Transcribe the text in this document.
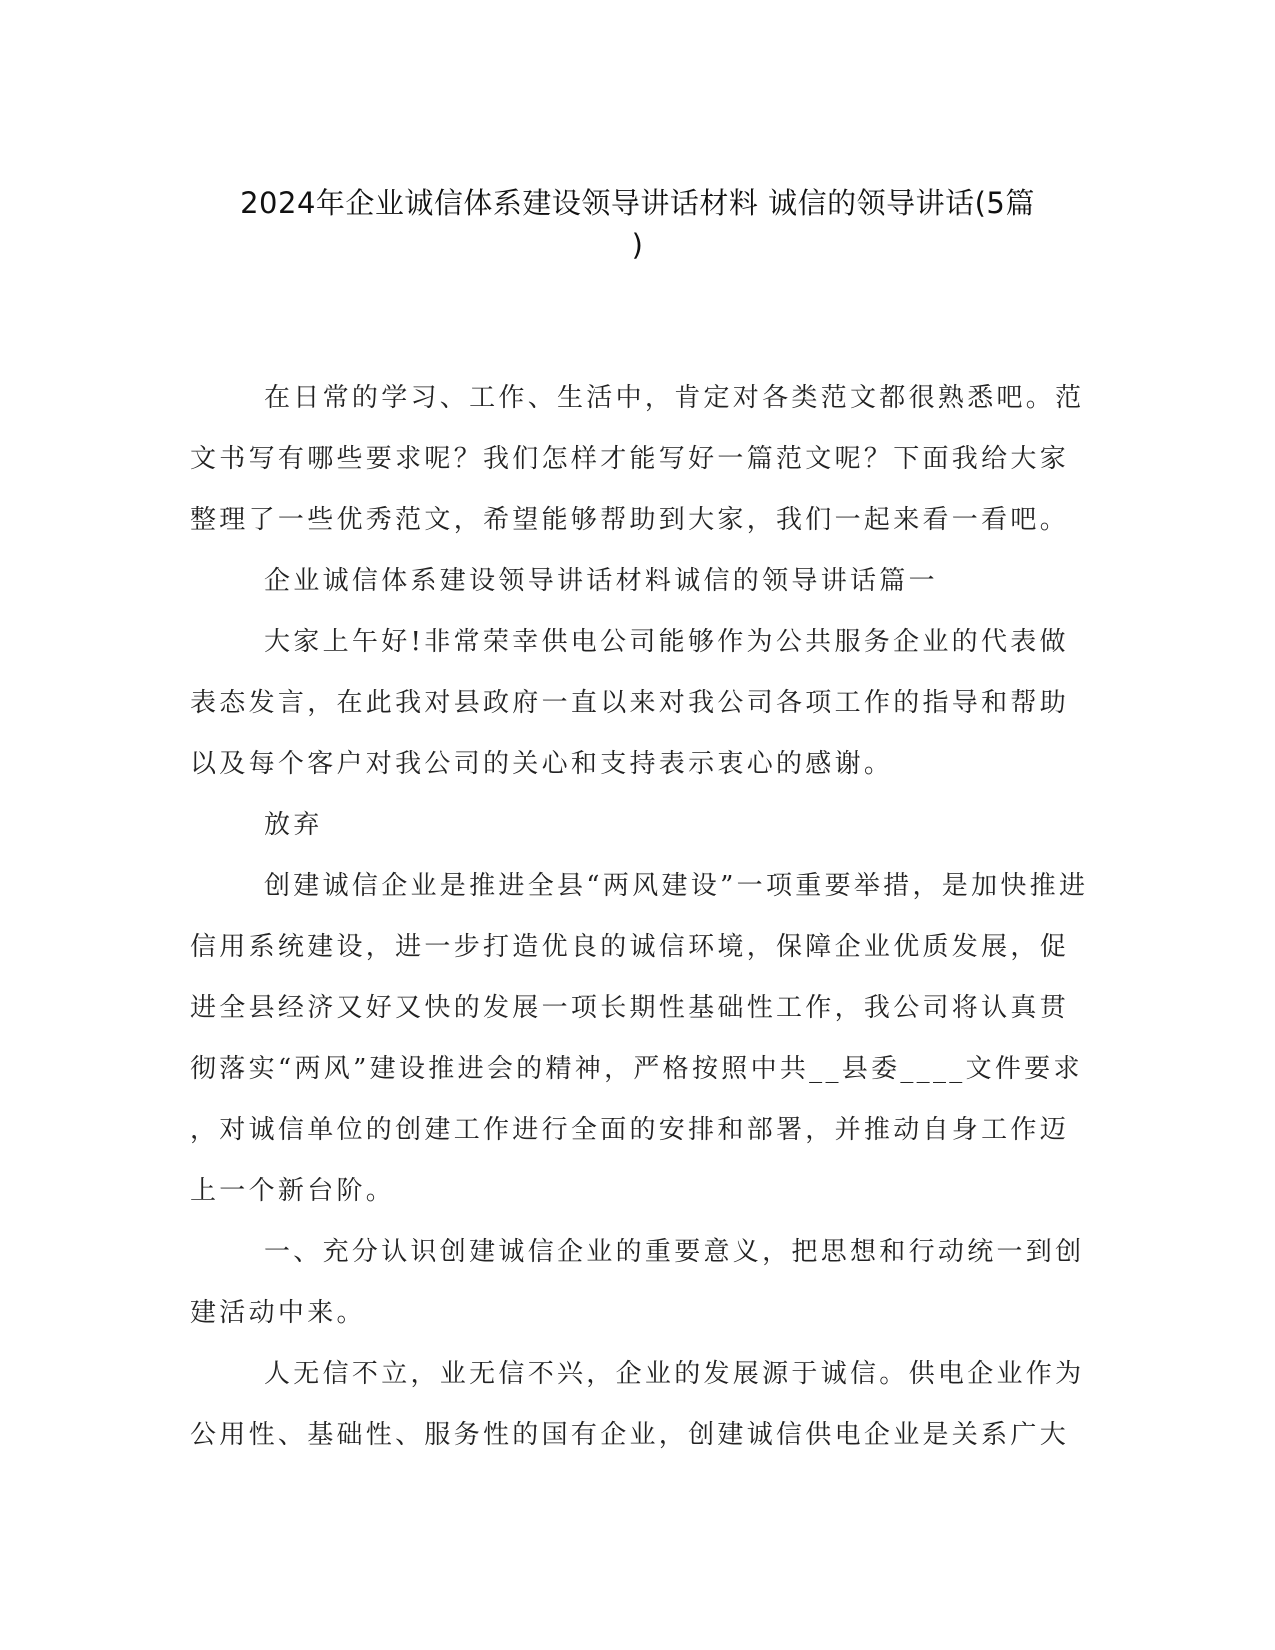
2024年企业诚信体系建设领导讲话材料 诚信的领导讲话(5篇
)
在日常的学习、工作、生活中，肯定对各类范文都很熟悉吧。范
文书写有哪些要求呢？我们怎样才能写好一篇范文呢？下面我给大家
整理了一些优秀范文，希望能够帮助到大家，我们一起来看一看吧。
企业诚信体系建设领导讲话材料诚信的领导讲话篇一
大家上午好!非常荣幸供电公司能够作为公共服务企业的代表做
表态发言，在此我对县政府一直以来对我公司各项工作的指导和帮助
以及每个客户对我公司的关心和支持表示衷心的感谢。
放弃
创建诚信企业是推进全县“两风建设”一项重要举措，是加快推进
信用系统建设，进一步打造优良的诚信环境，保障企业优质发展，促
进全县经济又好又快的发展一项长期性基础性工作，我公司将认真贯
彻落实“两风”建设推进会的精神，严格按照中共__县委____文件要求
，对诚信单位的创建工作进行全面的安排和部署，并推动自身工作迈
上一个新台阶。
一、充分认识创建诚信企业的重要意义，把思想和行动统一到创
建活动中来。
人无信不立，业无信不兴，企业的发展源于诚信。供电企业作为
公用性、基础性、服务性的国有企业，创建诚信供电企业是关系广大
